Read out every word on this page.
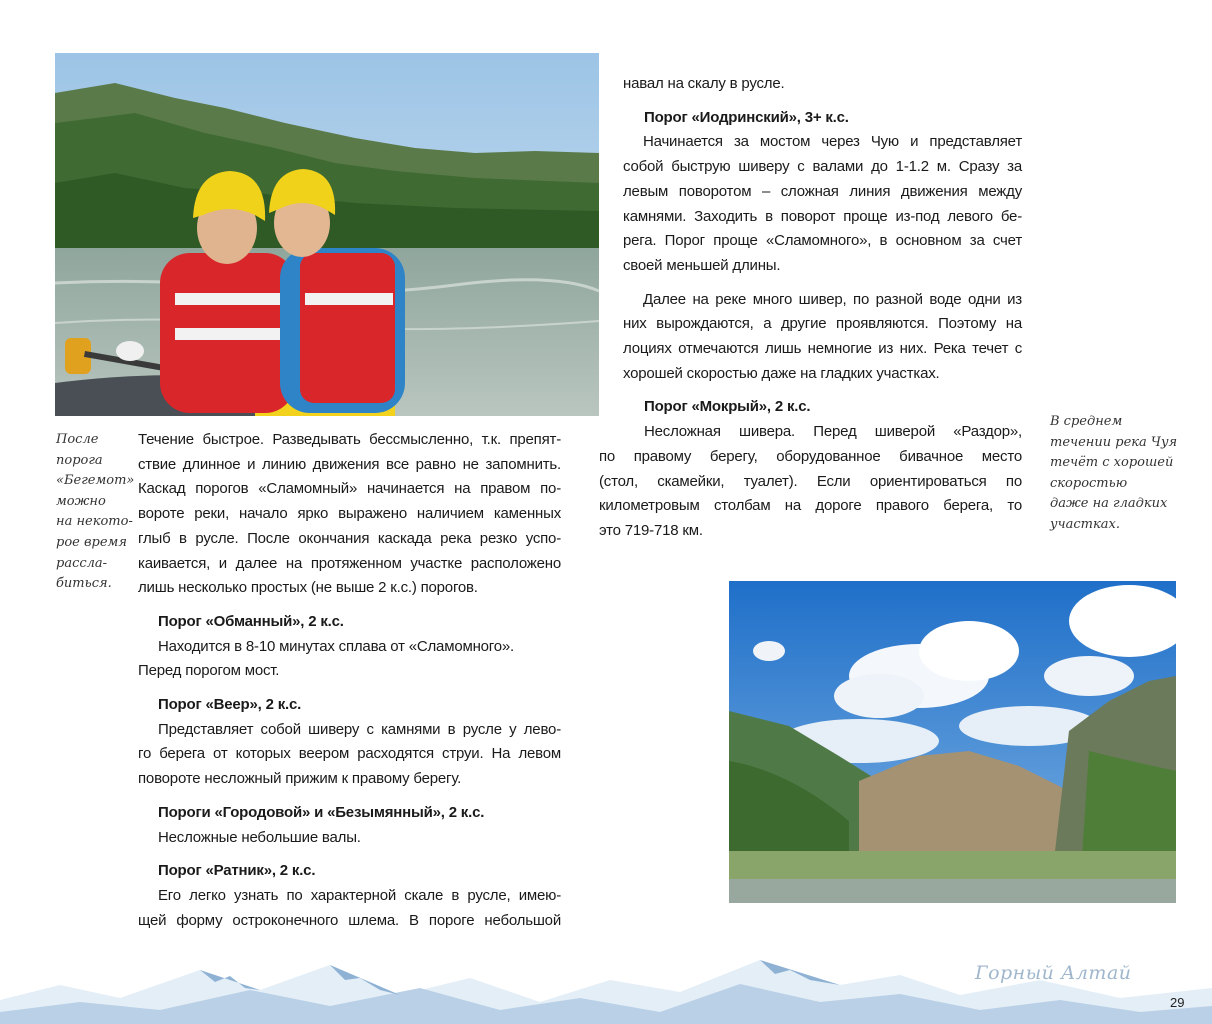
После
порога
«Бегемот»
можно
на некото-
рое время
рассла-
биться.
В среднем
течении река Чуя
течёт с хорошей
скоростью
даже на гладких
участках.

Течение быстрое. Разведывать бессмысленно, т.к. препят-

ствие длинное и линию движения все равно не запомнить.

Каскад порогов «Сламомный» начинается на правом по-

вороте реки, начало ярко выражено наличием каменных

глыб в русле. После окончания каскада река резко успо-

каивается, и далее на протяженном участке расположено

лишь несколько простых (не выше 2 к.с.) порогов.

Порог «Обманный», 2 к.с.

Находится в 8-10 минутах сплава от «Сламомного».

Перед порогом мост.

Порог «Веер», 2 к.с.

Представляет собой шиверу с камнями в русле у лево-

го берега от которых веером расходятся струи. На левом

повороте несложный прижим к правому берегу.

Пороги «Городовой» и «Безымянный», 2 к.с.

Несложные небольшие валы.

Порог «Ратник», 2 к.с.

Его легко узнать по характерной скале в русле, имею-

щей форму остроконечного шлема. В пороге небольшой

навал на скалу в русле.

Порог «Иодринский», 3+ к.с.

Начинается за мостом через Чую и представляет

собой быструю шиверу с валами до 1-1.2 м. Сразу за

левым поворотом – сложная линия движения между

камнями. Заходить в поворот проще из-под левого бе-

рега. Порог проще «Сламомного», в основном за счет

своей меньшей длины.

Далее на реке много шивер, по разной воде одни из

них вырождаются, а другие проявляются. Поэтому на

лоциях отмечаются лишь немногие из них. Река течет с

хорошей скоростью даже на гладких участках.

Порог «Мокрый», 2 к.с.

Несложная шивера. Перед шиверой «Раздор»,

по правому берегу, оборудованное бивачное место

(стол, скамейки, туалет). Если ориентироваться по

километровым столбам на дороге правого берега, то

это 719-718 км.

Горный Алтай
29
